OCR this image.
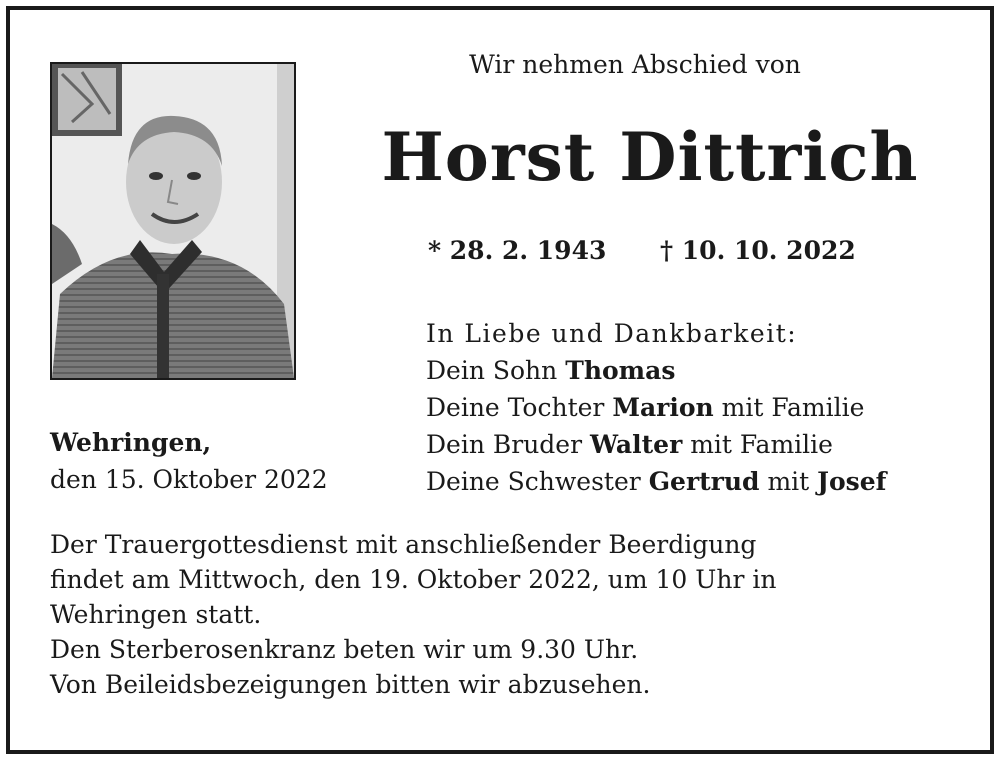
Wir nehmen Abschied von
Horst Dittrich
* 28. 2. 1943 † 10. 10. 2022
In Liebe und Dankbarkeit:
Dein Sohn Thomas
Deine Tochter Marion mit Familie
Dein Bruder Walter mit Familie
Deine Schwester Gertrud mit Josef
Wehringen,
den 15. Oktober 2022
Der Trauergottesdienst mit anschließender Beerdigung
findet am Mittwoch, den 19. Oktober 2022, um 10 Uhr in
Wehringen statt.
Den Sterberosenkranz beten wir um 9.30 Uhr.
Von Beileidsbezeigungen bitten wir abzusehen.
